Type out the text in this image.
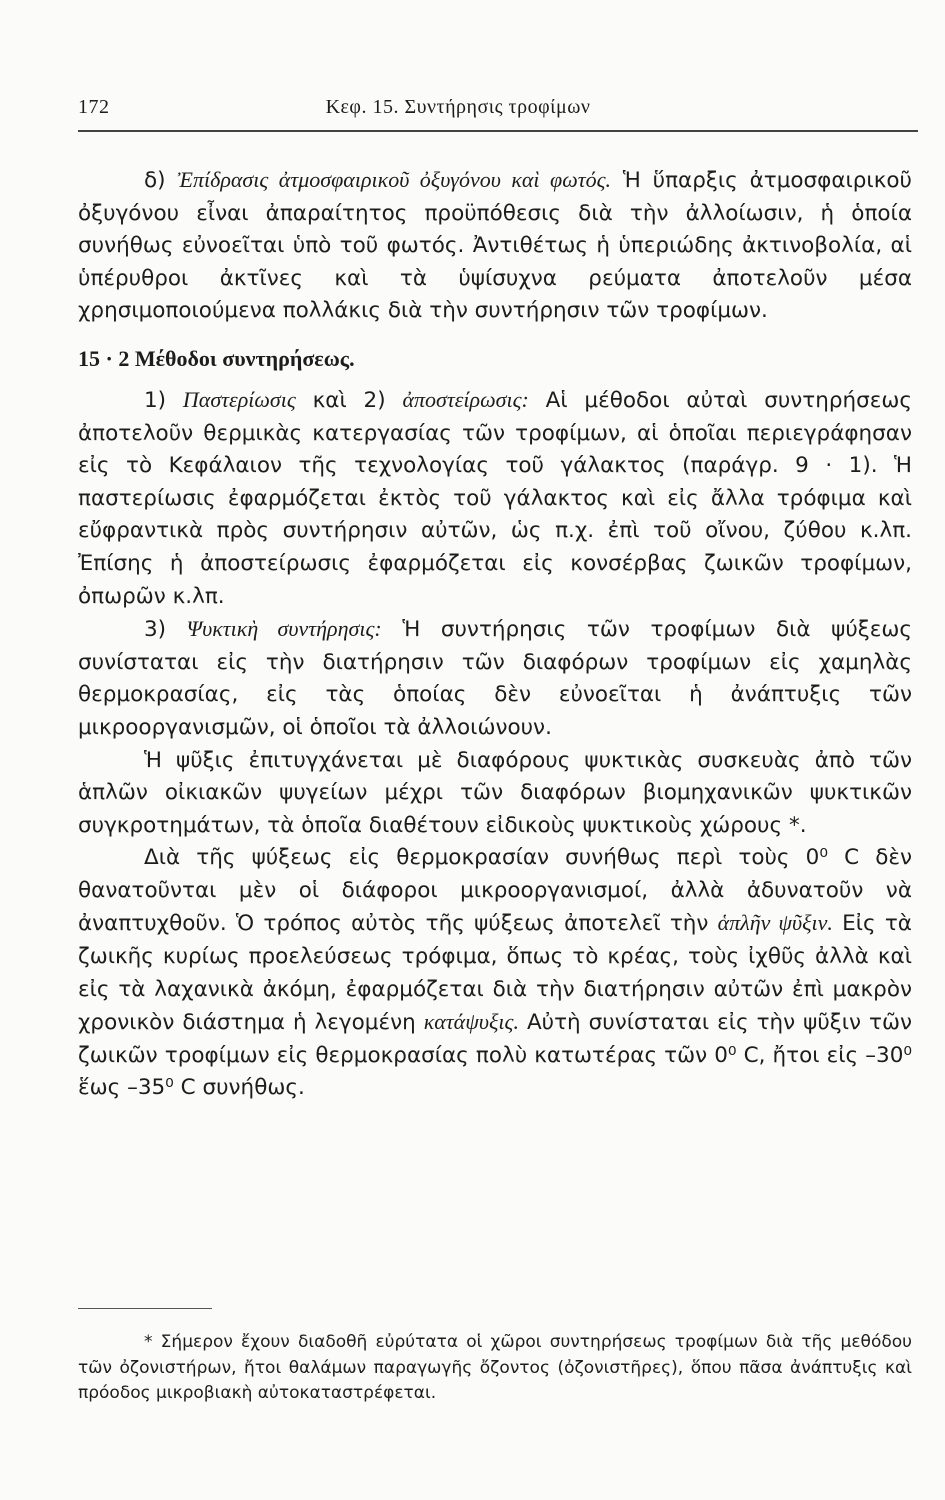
172	Κεφ. 15. Συντήρησις τροφίμων

δ) Ἐπίδρασις ἀτμοσφαιρικοῦ ὀξυγόνου καὶ φωτός. Ἡ ὕπαρξις ἀτμοσφαιρικοῦ ὀξυγόνου εἶναι ἀπαραίτητος προϋπόθεσις διὰ τὴν ἀλλοίωσιν, ἡ ὁποία συνήθως εὐνοεῖται ὑπὸ τοῦ φωτός. Ἀντιθέτως ἡ ὑπεριώδης ἀκτινοβολία, αἱ ὑπέρυθροι ἀκτῖνες καὶ τὰ ὑψίσυχνα ρεύματα ἀποτελοῦν μέσα χρησιμοποιούμενα πολλάκις διὰ τὴν συντήρησιν τῶν τροφίμων.

15 · 2 Μέθοδοι συντηρήσεως.

1) Παστερίωσις καὶ 2) ἀποστείρωσις: Αἱ μέθοδοι αὐταὶ συντηρήσεως ἀποτελοῦν θερμικὰς κατεργασίας τῶν τροφίμων, αἱ ὁποῖαι περιεγράφησαν εἰς τὸ Κεφάλαιον τῆς τεχνολογίας τοῦ γάλακτος (παράγρ. 9 · 1). Ἡ παστερίωσις ἐφαρμόζεται ἐκτὸς τοῦ γάλακτος καὶ εἰς ἄλλα τρόφιμα καὶ εὔφραντικὰ πρὸς συντήρησιν αὐτῶν, ὡς π.χ. ἐπὶ τοῦ οἴνου, ζύθου κ.λπ. Ἐπίσης ἡ ἀποστείρωσις ἐφαρμόζεται εἰς κονσέρβας ζωικῶν τροφίμων, ὀπωρῶν κ.λπ.

3) Ψυκτικὴ συντήρησις: Ἡ συντήρησις τῶν τροφίμων διὰ ψύξεως συνίσταται εἰς τὴν διατήρησιν τῶν διαφόρων τροφίμων εἰς χαμηλὰς θερμοκρασίας, εἰς τὰς ὁποίας δὲν εὐνοεῖται ἡ ἀνάπτυξις τῶν μικροοργανισμῶν, οἱ ὁποῖοι τὰ ἀλλοιώνουν.

Ἡ ψῦξις ἐπιτυγχάνεται μὲ διαφόρους ψυκτικὰς συσκευὰς ἀπὸ τῶν ἁπλῶν οἰκιακῶν ψυγείων μέχρι τῶν διαφόρων βιομηχανικῶν ψυκτικῶν συγκροτημάτων, τὰ ὁποῖα διαθέτουν εἰδικοὺς ψυκτικοὺς χώρους *.

Διὰ τῆς ψύξεως εἰς θερμοκρασίαν συνήθως περὶ τοὺς 0⁰ C δὲν θανατοῦνται μὲν οἱ διάφοροι μικροοργανισμοί, ἀλλὰ ἀδυνατοῦν νὰ ἀναπτυχθοῦν. Ὁ τρόπος αὐτὸς τῆς ψύξεως ἀποτελεῖ τὴν ἁπλῆν ψῦξιν. Εἰς τὰ ζωικῆς κυρίως προελεύσεως τρόφιμα, ὅπως τὸ κρέας, τοὺς ἰχθῦς ἀλλὰ καὶ εἰς τὰ λαχανικὰ ἀκόμη, ἐφαρμόζεται διὰ τὴν διατήρησιν αὐτῶν ἐπὶ μακρὸν χρονικὸν διάστημα ἡ λεγομένη κατάψυξις. Αὐτὴ συνίσταται εἰς τὴν ψῦξιν τῶν ζωικῶν τροφίμων εἰς θερμοκρασίας πολὺ κατωτέρας τῶν 0⁰ C, ἤτοι εἰς –30⁰ ἕως –35⁰ C συνήθως.

* Σήμερον ἔχουν διαδοθῆ εὐρύτατα οἱ χῶροι συντηρήσεως τροφίμων διὰ τῆς μεθόδου τῶν ὀζονιστήρων, ἤτοι θαλάμων παραγωγῆς ὄζοντος (ὀζονιστῆρες), ὅπου πᾶσα ἀνάπτυξις καὶ πρόοδος μικροβιακὴ αὐτοκαταστρέφεται.
